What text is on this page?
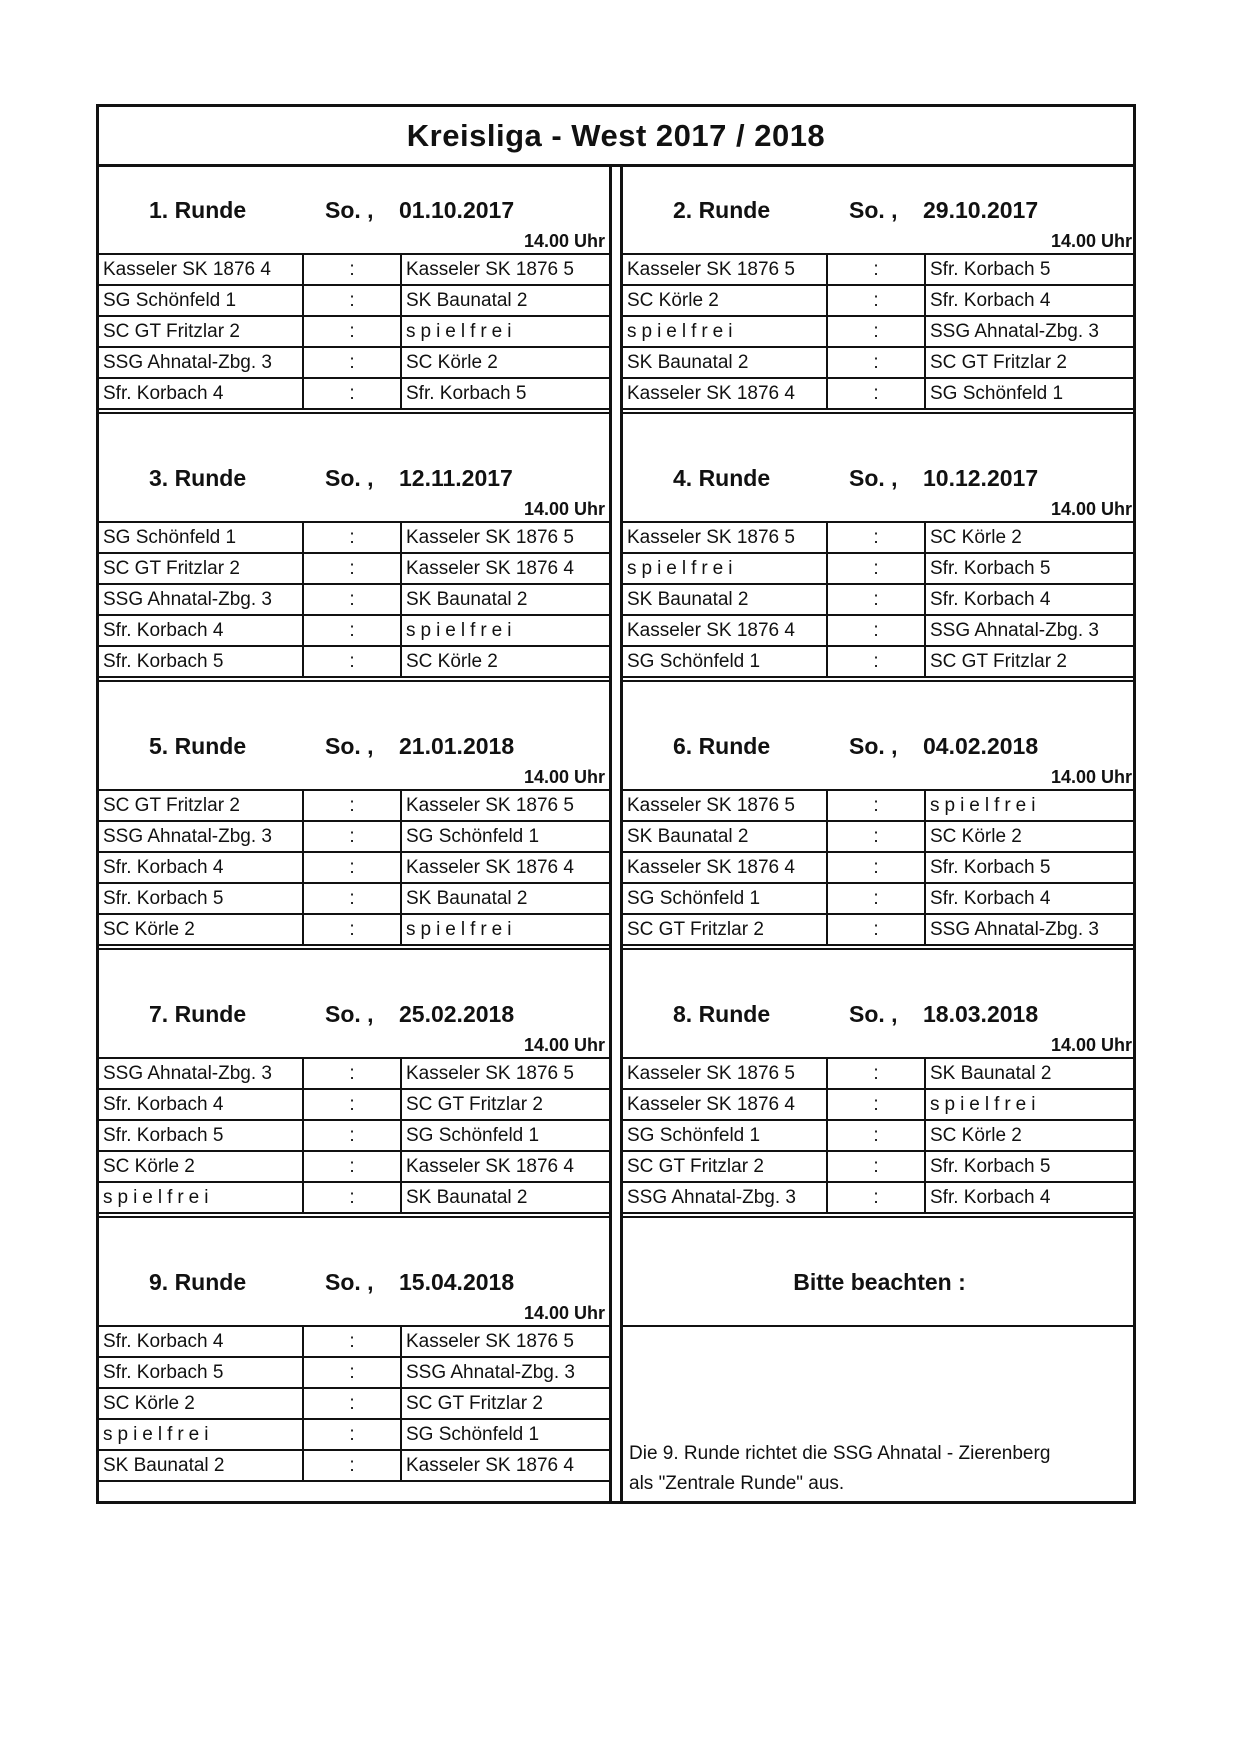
Kreisliga - West 2017 / 2018
1. Runde	So. , 01.10.2017
14.00 Uhr
Kasseler SK 1876 4	:	Kasseler SK 1876 5
SG Schönfeld 1	:	SK Baunatal 2
SC GT Fritzlar 2	:	spielfrei
SSG Ahnatal-Zbg. 3	:	SC Körle 2
Sfr. Korbach 4	:	Sfr. Korbach 5
2. Runde	So. , 29.10.2017
14.00 Uhr
Kasseler SK 1876 5	:	Sfr. Korbach 5
SC Körle 2	:	Sfr. Korbach 4
spielfrei	:	SSG Ahnatal-Zbg. 3
SK Baunatal 2	:	SC GT Fritzlar 2
Kasseler SK 1876 4	:	SG Schönfeld 1
3. Runde	So. , 12.11.2017
14.00 Uhr
SG Schönfeld 1	:	Kasseler SK 1876 5
SC GT Fritzlar 2	:	Kasseler SK 1876 4
SSG Ahnatal-Zbg. 3	:	SK Baunatal 2
Sfr. Korbach 4	:	spielfrei
Sfr. Korbach 5	:	SC Körle 2
4. Runde	So. , 10.12.2017
14.00 Uhr
Kasseler SK 1876 5	:	SC Körle 2
spielfrei	:	Sfr. Korbach 5
SK Baunatal 2	:	Sfr. Korbach 4
Kasseler SK 1876 4	:	SSG Ahnatal-Zbg. 3
SG Schönfeld 1	:	SC GT Fritzlar 2
5. Runde	So. , 21.01.2018
14.00 Uhr
SC GT Fritzlar 2	:	Kasseler SK 1876 5
SSG Ahnatal-Zbg. 3	:	SG Schönfeld 1
Sfr. Korbach 4	:	Kasseler SK 1876 4
Sfr. Korbach 5	:	SK Baunatal 2
SC Körle 2	:	spielfrei
6. Runde	So. , 04.02.2018
14.00 Uhr
Kasseler SK 1876 5	:	spielfrei
SK Baunatal 2	:	SC Körle 2
Kasseler SK 1876 4	:	Sfr. Korbach 5
SG Schönfeld 1	:	Sfr. Korbach 4
SC GT Fritzlar 2	:	SSG Ahnatal-Zbg. 3
7. Runde	So. , 25.02.2018
14.00 Uhr
SSG Ahnatal-Zbg. 3	:	Kasseler SK 1876 5
Sfr. Korbach 4	:	SC GT Fritzlar 2
Sfr. Korbach 5	:	SG Schönfeld 1
SC Körle 2	:	Kasseler SK 1876 4
spielfrei	:	SK Baunatal 2
8. Runde	So. , 18.03.2018
14.00 Uhr
Kasseler SK 1876 5	:	SK Baunatal 2
Kasseler SK 1876 4	:	spielfrei
SG Schönfeld 1	:	SC Körle 2
SC GT Fritzlar 2	:	Sfr. Korbach 5
SSG Ahnatal-Zbg. 3	:	Sfr. Korbach 4
9. Runde	So. , 15.04.2018
14.00 Uhr
Sfr. Korbach 4	:	Kasseler SK 1876 5
Sfr. Korbach 5	:	SSG Ahnatal-Zbg. 3
SC Körle 2	:	SC GT Fritzlar 2
spielfrei	:	SG Schönfeld 1
SK Baunatal 2	:	Kasseler SK 1876 4
Bitte beachten :
Die 9. Runde richtet die SSG Ahnatal - Zierenberg
als "Zentrale Runde" aus.
